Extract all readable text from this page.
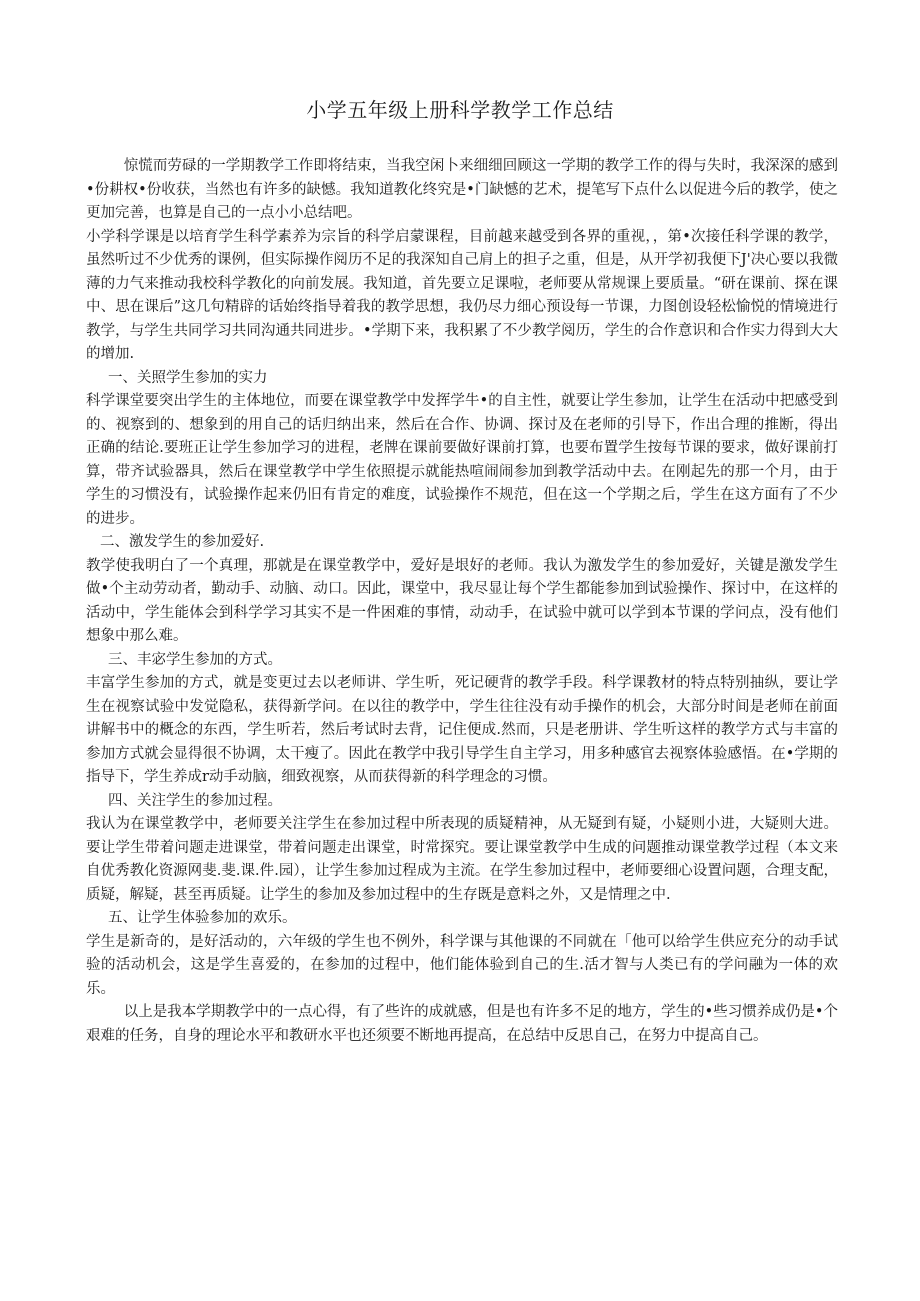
小学五年级上册科学教学工作总结

惊慌而劳碌的一学期教学工作即将结束，当我空闲卜来细细回顾这一学期的教学工作的得与失时，我深深的感到•份耕权•份收获，当然也有许多的缺憾。我知道教化终究是•门缺憾的艺术，提笔写下点什么以促进今后的教学，使之更加完善，也算是自己的一点小小总结吧。

小学科学课是以培育学生科学素养为宗旨的科学启蒙课程，目前越来越受到各界的重视，，第•次接任科学课的教学，虽然听过不少优秀的课例，但实际操作阅历不足的我深知自己肩上的担子之重，但是，从开学初我便下J'决心要以我微薄的力气来推动我校科学教化的向前发展。我知道，首先要立足课啦，老师要从常规课上要质量。“研在课前、探在课中、思在课后”这几句精辟的话始终指导着我的教学思想，我仍尽力细心预设每一节课，力图创设轻松愉悦的情境进行教学，与学生共同学习共同沟通共同进步。•学期下来，我积累了不少教学阅历，学生的合作意识和合作实力得到大大的增加.

一、关照学生参加的实力

科学课堂要突出学生的主体地位，而要在课堂教学中发挥学牛•的自主性，就要让学生参加，让学生在活动中把感受到的、视察到的、想象到的用自己的话归纳出来，然后在合作、协调、探讨及在老师的引导下，作出合理的推断，得出正确的结论.要班正让学生参加学习的进程，老牌在课前要做好课前打算，也要布置学生按每节课的要求，做好课前打算，带齐试验器具，然后在课堂教学中学生依照提示就能热喧闹闹参加到教学活动中去。在刚起先的那一个月，由于学生的习惯没有，试验操作起来仍旧有肯定的难度，试验操作不规范，但在这一个学期之后，学生在这方面有了不少的进步。

二、激发学生的参加爱好.

教学使我明白了一个真理，那就是在课堂教学中，爱好是垠好的老师。我认为激发学生的参加爱好，关键是激发学生做•个主动劳动者，勤动手、动脑、动口。因此，课堂中，我尽显让每个学生都能参加到试验操作、探讨中，在这样的活动中，学生能体会到科学学习其实不是一件困难的事情，动动手，在试验中就可以学到本节课的学问点，没有他们想象中那么难。

三、丰宓学生参加的方式。

丰富学生参加的方式，就是变更过去以老师讲、学生听，死记硬背的教学手段。科学课教材的特点特别抽纵，要让学生在视察试验中发觉隐私，获得新学问。在以往的教学中，学生往往没有动手操作的机会，大部分时间是老师在前面讲解书中的概念的东西，学生听若，然后考试时去背，记住便成.然而，只是老册讲、学生听这样的教学方式与丰富的参加方式就会显得很不协调，太干瘦了。因此在教学中我引导学生自主学习，用多种感官去视察体验感悟。在•学期的指导下，学生养成r动手动脑，细致视察，从而获得新的科学理念的习惯。

四、关注学生的参加过程。

我认为在课堂教学中，老师要关注学生在参加过程中所表现的质疑精神，从无疑到有疑，小疑则小进，大疑则大进。要让学生带着问题走进课堂，带着问题走出课堂，时常探究。要让课堂教学中生成的问题推动课堂教学过程（本文来自优秀教化资源网斐.斐.课.件.园），让学生参加过程成为主流。在学生参加过程中，老师要细心设置问题，合理支配，质疑，解疑，甚至再质疑。让学生的参加及参加过程中的生存既是意料之外，又是情理之中.

五、让学生体验参加的欢乐。

学生是新奇的，是好活动的，六年级的学生也不例外，科学课与其他课的不同就在「他可以给学生供应充分的动手试验的活动机会，这是学生喜爱的，在参加的过程中，他们能体验到自己的生.活才智与人类已有的学问融为一体的欢乐。

以上是我本学期教学中的一点心得，有了些许的成就感，但是也有许多不足的地方，学生的•些习惯养成仍是•个艰难的任务，自身的理论水平和教研水平也还须要不断地再提高，在总结中反思自己，在努力中提高自己。
